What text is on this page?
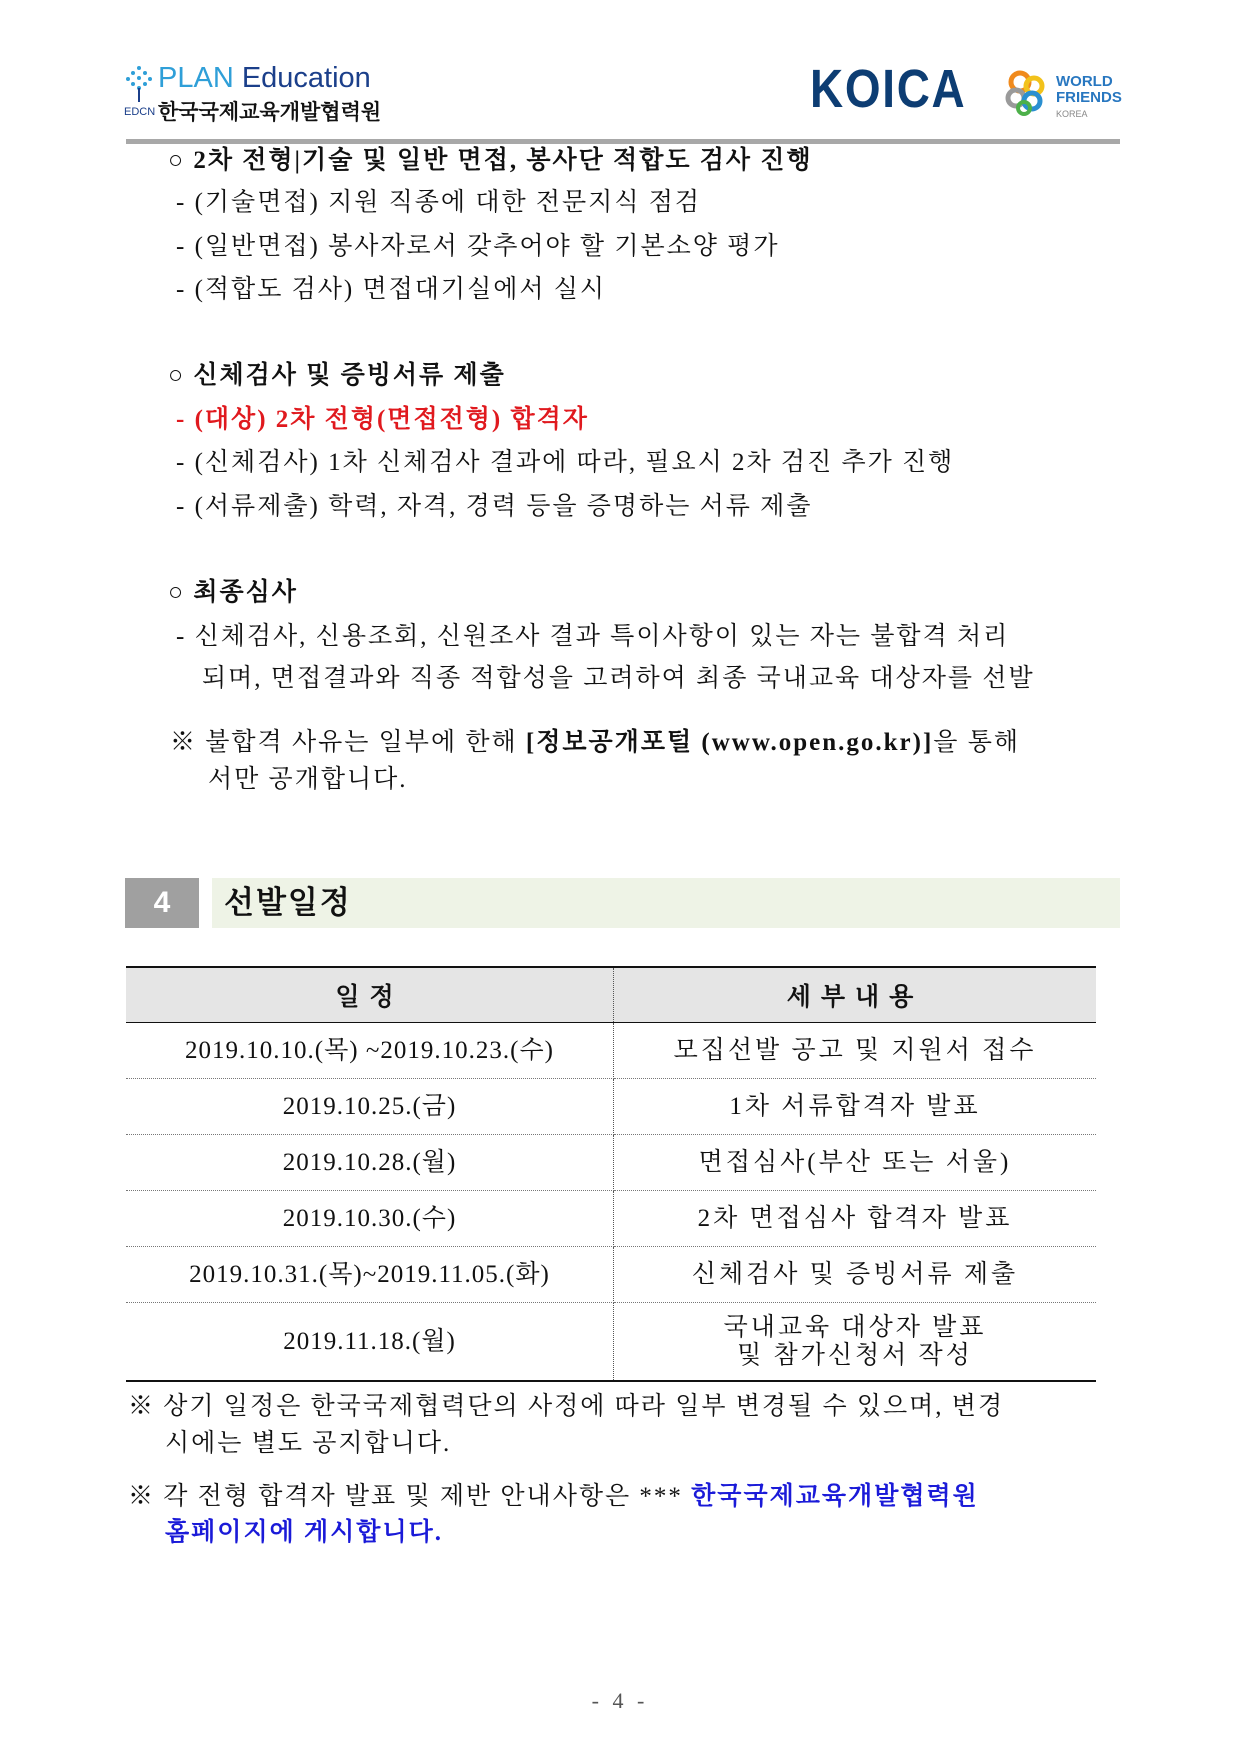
PLAN Education
한국국제교육개발협력원
EDCN	KOICA	WORLD
FRIENDS
KOREA
○ 2차 전형|기술 및 일반 면접, 봉사단 적합도 검사 진행
- (기술면접) 지원 직종에 대한 전문지식 점검
- (일반면접) 봉사자로서 갖추어야 할 기본소양 평가
- (적합도 검사) 면접대기실에서 실시
○ 신체검사 및 증빙서류 제출
- (대상) 2차 전형(면접전형) 합격자
- (신체검사) 1차 신체검사 결과에 따라, 필요시 2차 검진 추가 진행
- (서류제출) 학력, 자격, 경력 등을 증명하는 서류 제출
○ 최종심사
- 신체검사, 신용조회, 신원조사 결과 특이사항이 있는 자는 불합격 처리
되며, 면접결과와 직종 적합성을 고려하여 최종 국내교육 대상자를 선발
※ 불합격 사유는 일부에 한해 [정보공개포털 (www.open.go.kr)]을 통해
서만 공개합니다.
4	선발일정
일정	세부내용
2019.10.10.(목) ~2019.10.23.(수)	모집선발 공고 및 지원서 접수
2019.10.25.(금)	1차 서류합격자 발표
2019.10.28.(월)	면접심사(부산 또는 서울)
2019.10.30.(수)	2차 면접심사 합격자 발표
2019.10.31.(목)~2019.11.05.(화)	신체검사 및 증빙서류 제출
2019.11.18.(월)	국내교육 대상자 발표
및 참가신청서 작성
※ 상기 일정은 한국국제협력단의 사정에 따라 일부 변경될 수 있으며, 변경
시에는 별도 공지합니다.
※ 각 전형 합격자 발표 및 제반 안내사항은 *** 한국국제교육개발협력원
홈페이지에 게시합니다.
- 4 -
